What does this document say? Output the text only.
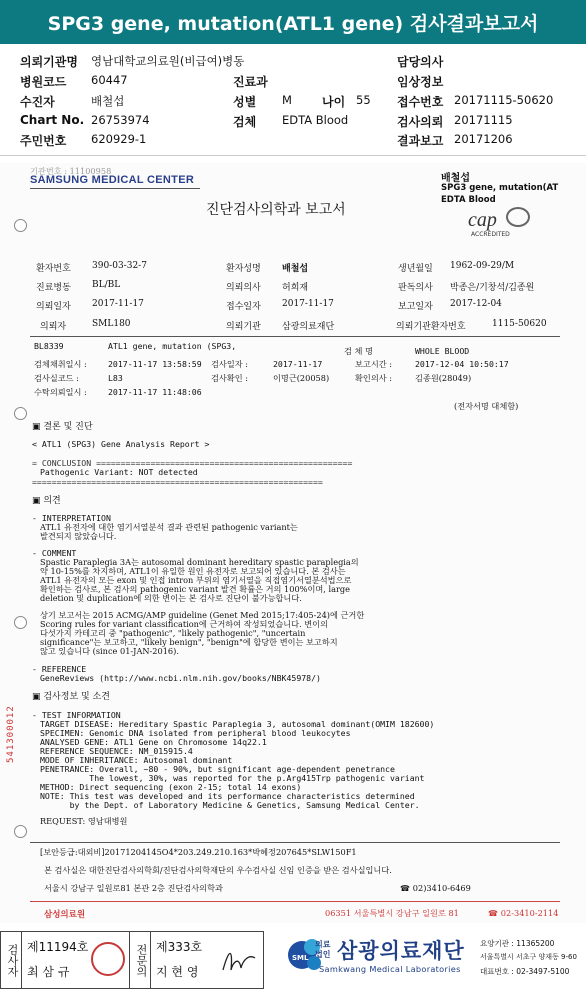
SPG3 gene, mutation(ATL1 gene) 검사결과보고서
의뢰기관명 영남대학교의료원(비급여)병동	담당의사
병원코드 60447	진료과	임상정보
수진자	배철섭	성별 M	나이 55 접수번호 20171115-50620
Chart No. 26753974	검체 EDTA Blood	검사의뢰 20171115
주민번호 620929-1	결과보고 20171206
기관번호 : 11100958
SAMSUNG MEDICAL CENTER	배철섭
SPG3 gene, mutation(AT
EDTA Blood
진단검사의학과 보고서	cap
ACCREDITED
환자번호 390-03-32-7	환자성명 배철섭	생년월일 1962-09-29/M
진료병동 BL/BL	의뢰의사 허희재	판독의사 박종은/기창석/김종원
의뢰일자 2017-11-17	접수일자 2017-11-17	보고일자 2017-12-04
의뢰자	SML180	의뢰기관 삼광의료재단	의뢰기관환자번호	1115-50620
BL8339	ATL1 gene, mutation (SPG3,	검 체 명	WHOLE BLOOD
검체채취일시 :	2017-11-17 13:58:59 검사일자 :	2017-11-17	보고시간 :	2017-12-04 10:50:17
검사실코드 :	L83	검사확인 :	이명근(20058)	확인의사 :	김종원(28049)
수탁의뢰일시 :	2017-11-17 11:48:06
(전자서명 대체함)
▣ 결론 및 진단
< ATL1 (SPG3) Gene Analysis Report >
= CONCLUSION ====================================================
Pathogenic Variant: NOT detected
===========================================================
▣ 의견
- INTERPRETATION
ATL1 유전자에 대한 염기서열분석 결과 관련된 pathogenic variant는
발견되지 않았습니다.
- COMMENT
Spastic Paraplegia 3A는 autosomal dominant hereditary spastic paraplegia의
약 10-15%를 차지하며, ATL1이 유일한 원인 유전자로 보고되어 있습니다. 본 검사는
ATL1 유전자의 모든 exon 및 인접 intron 부위의 염기서열을 직접염기서열분석법으로
확인하는 검사로, 본 검사의 pathogenic variant 발견 확률은 거의 100%이며, large
deletion 및 duplication에 의한 변이는 본 검사로 진단이 불가능합니다.
상기 보고서는 2015 ACMG/AMP guideline (Genet Med 2015;17:405-24)에 근거한
Scoring rules for variant classification에 근거하여 작성되었습니다. 변이의
다섯가지 카테고리 중 "pathogenic", "likely pathogenic", "uncertain
significance"는 보고하고, "likely benign", "benign"에 합당한 변이는 보고하지
않고 있습니다 (since 01-JAN-2016).
- REFERENCE
GeneReviews (http://www.ncbi.nlm.nih.gov/books/NBK45978/)
▣ 검사정보 및 소견
- TEST INFORMATION
TARGET DISEASE: Hereditary Spastic Paraplegia 3, autosomal dominant(OMIM 182600)
SPECIMEN: Genomic DNA isolated from peripheral blood leukocytes
ANALYSED GENE: ATL1 Gene on Chromosome 14q22.1
REFERENCE SEQUENCE: NM_015915.4
MODE OF INHERITANCE: Autosomal dominant
PENETRANCE: Overall, ~80 - 90%, but significant age-dependent penetrance
The lowest, 30%, was reported for the p.Arg415Trp pathogenic variant
METHOD: Direct sequencing (exon 2-15; total 14 exons)
NOTE: This test was developed and its performance characteristics determined
by the Dept. of Laboratory Medicine & Genetics, Samsung Medical Center.
REQUEST: 영남대병원
541300012
[보안등급:대외비]20171204145O4*203.249.210.163*박혜정207645*SLW150F1
본 검사실은 대한진단검사의학회/진단검사의학재단의 우수검사실 신임 인증을 받은 검사실입니다.
서울시 강남구 일원로81 본관 2층 진단검사의학과	☎ 02)3410-6469
삼성의료원	06351 서울특별시 강남구 일원로 81	☎ 02-3410-2114
검사자 제11194호
최 삼 규	전문의 제333호
지 현 영
SML
의료
법인 삼광의료재단
Samkwang Medical Laboratories
요양기관 : 11365200
서울특별시 서초구 양재동 9-60
대표번호 : 02-3497-5100
